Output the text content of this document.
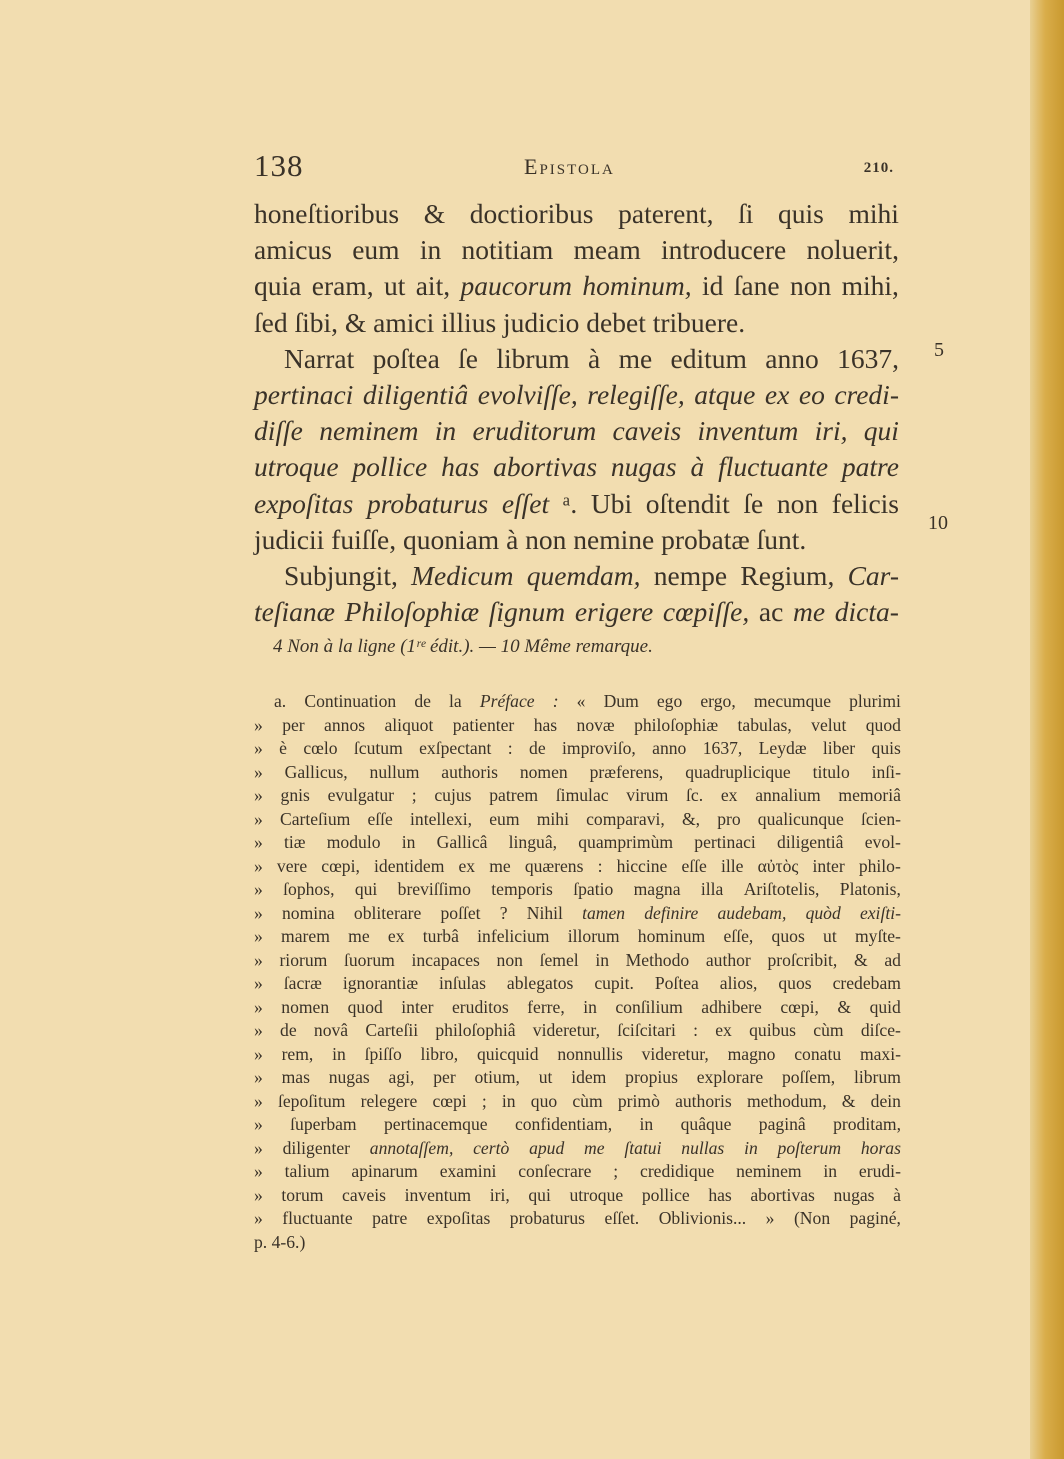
138	Epistola	210.
honeſtioribus & doctioribus paterent, ſi quis mihi
amicus eum in notitiam meam introducere noluerit,
quia eram, ut ait, paucorum hominum, id ſane non mihi,
ſed ſibi, & amici illius judicio debet tribuere.
Narrat poſtea ſe librum à me editum anno 1637,
pertinaci diligentiâ evolviſſe, relegiſſe, atque ex eo credi-
diſſe neminem in eruditorum caveis inventum iri, qui
utroque pollice has abortivas nugas à fluctuante patre
expoſitas probaturus eſſet ᵃ. Ubi oſtendit ſe non felicis
judicii fuiſſe, quoniam à non nemine probatæ ſunt.
Subjungit, Medicum quemdam, nempe Regium, Car-
teſianæ Philoſophiæ ſignum erigere cœpiſſe, ac me dicta-
5
10
4 Non à la ligne (1ʳᵉ édit.). — 10 Même remarque.
a. Continuation de la Préface : « Dum ego ergo, mecumque plurimi
» per annos aliquot patienter has novæ philoſophiæ tabulas, velut quod
» è cœlo ſcutum exſpectant : de improviſo, anno 1637, Leydæ liber quis
» Gallicus, nullum authoris nomen præferens, quadruplicique titulo inſi-
» gnis evulgatur ; cujus patrem ſimulac virum ſc. ex annalium memoriâ
» Carteſium eſſe intellexi, eum mihi comparavi, &, pro qualicunque ſcien-
» tiæ modulo in Gallicâ linguâ, quamprimùm pertinaci diligentiâ evol-
» vere cœpi, identidem ex me quærens : hiccine eſſe ille αὐτὸς inter philo-
» ſophos, qui breviſſimo temporis ſpatio magna illa Ariſtotelis, Platonis,
» nomina obliterare poſſet ? Nihil tamen definire audebam, quòd exiſti-
» marem me ex turbâ infelicium illorum hominum eſſe, quos ut myſte-
» riorum ſuorum incapaces non ſemel in Methodo author proſcribit, & ad
» ſacræ ignorantiæ inſulas ablegatos cupit. Poſtea alios, quos credebam
» nomen quod inter eruditos ferre, in conſilium adhibere cœpi, & quid
» de novâ Carteſii philoſophiâ videretur, ſciſcitari : ex quibus cùm diſce-
» rem, in ſpiſſo libro, quicquid nonnullis videretur, magno conatu maxi-
» mas nugas agi, per otium, ut idem propius explorare poſſem, librum
» ſepoſitum relegere cœpi ; in quo cùm primò authoris methodum, & dein
» ſuperbam pertinacemque confidentiam, in quâque paginâ proditam,
» diligenter annotaſſem, certò apud me ſtatui nullas in poſterum horas
» talium apinarum examini conſecrare ; credidique neminem in erudi-
» torum caveis inventum iri, qui utroque pollice has abortivas nugas à
» fluctuante patre expoſitas probaturus eſſet. Oblivionis... » (Non paginé,
p. 4-6.)
